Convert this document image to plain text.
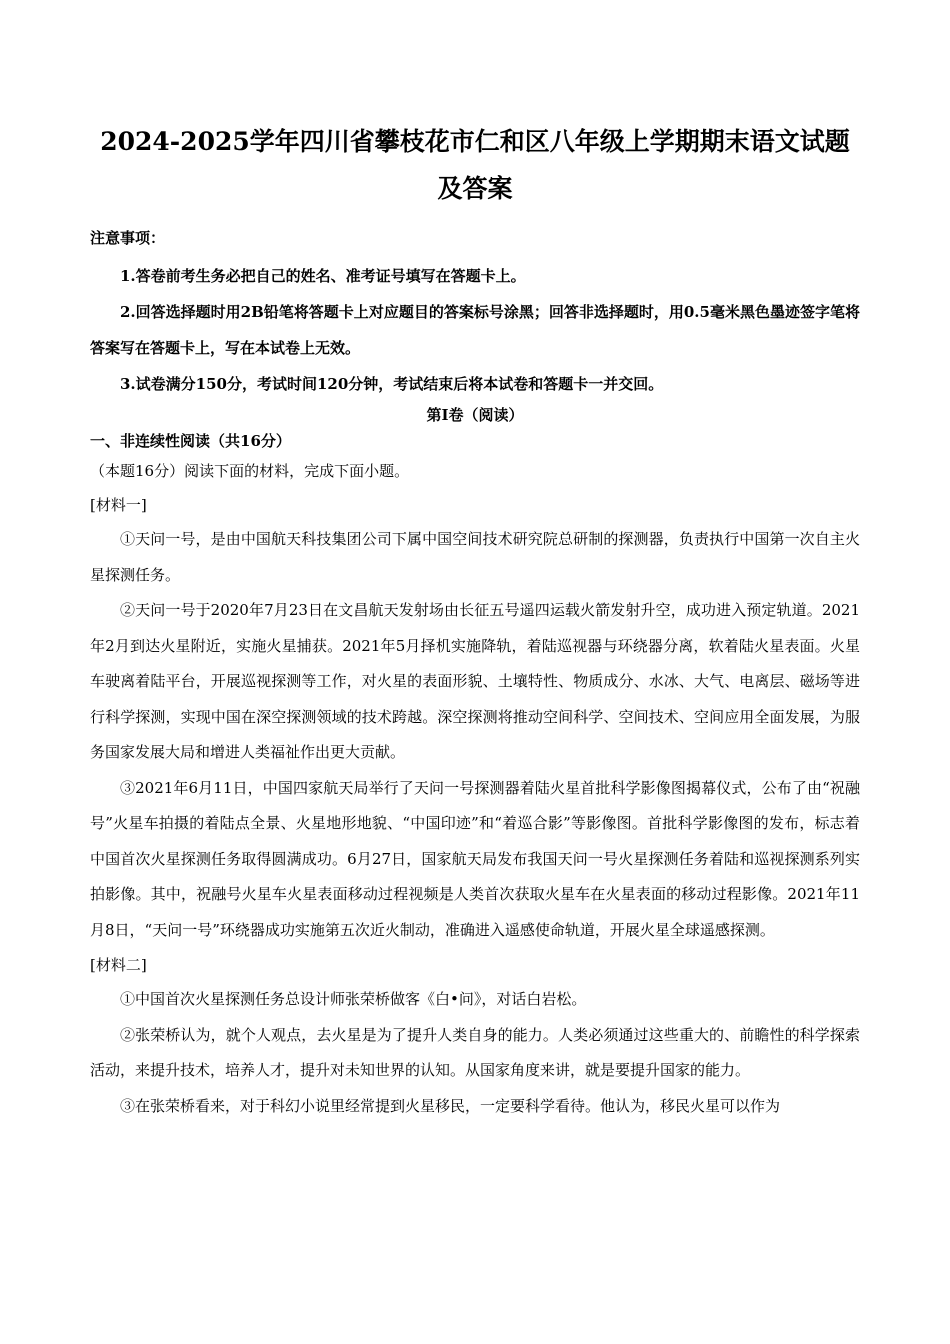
2024-2025学年四川省攀枝花市仁和区八年级上学期期末语文试题及答案

注意事项：

1.答卷前考生务必把自己的姓名、准考证号填写在答题卡上。

2.回答选择题时用2B铅笔将答题卡上对应题目的答案标号涂黑；回答非选择题时，用0.5毫米黑色墨迹签字笔将答案写在答题卡上，写在本试卷上无效。

3.试卷满分150分，考试时间120分钟，考试结束后将本试卷和答题卡一并交回。

第Ⅰ卷（阅读）

一、非连续性阅读（共16分）

（本题16分）阅读下面的材料，完成下面小题。

[材料一]

①天问一号，是由中国航天科技集团公司下属中国空间技术研究院总研制的探测器，负责执行中国第一次自主火星探测任务。

②天问一号于2020年7月23日在文昌航天发射场由长征五号遥四运载火箭发射升空，成功进入预定轨道。2021年2月到达火星附近，实施火星捕获。2021年5月择机实施降轨，着陆巡视器与环绕器分离，软着陆火星表面。火星车驶离着陆平台，开展巡视探测等工作，对火星的表面形貌、土壤特性、物质成分、水冰、大气、电离层、磁场等进行科学探测，实现中国在深空探测领域的技术跨越。深空探测将推动空间科学、空间技术、空间应用全面发展，为服务国家发展大局和增进人类福祉作出更大贡献。

③2021年6月11日，中国四家航天局举行了天问一号探测器着陆火星首批科学影像图揭幕仪式，公布了由“祝融号”火星车拍摄的着陆点全景、火星地形地貌、“中国印迹”和“着巡合影”等影像图。首批科学影像图的发布，标志着中国首次火星探测任务取得圆满成功。6月27日，国家航天局发布我国天问一号火星探测任务着陆和巡视探测系列实拍影像。其中，祝融号火星车火星表面移动过程视频是人类首次获取火星车在火星表面的移动过程影像。2021年11月8日，“天问一号”环绕器成功实施第五次近火制动，准确进入遥感使命轨道，开展火星全球遥感探测。

[材料二]

①中国首次火星探测任务总设计师张荣桥做客《白•问》，对话白岩松。

②张荣桥认为，就个人观点，去火星是为了提升人类自身的能力。人类必须通过这些重大的、前瞻性的科学探索活动，来提升技术，培养人才，提升对未知世界的认知。从国家角度来讲，就是要提升国家的能力。

③在张荣桥看来，对于科幻小说里经常提到火星移民，一定要科学看待。他认为，移民火星可以作为
